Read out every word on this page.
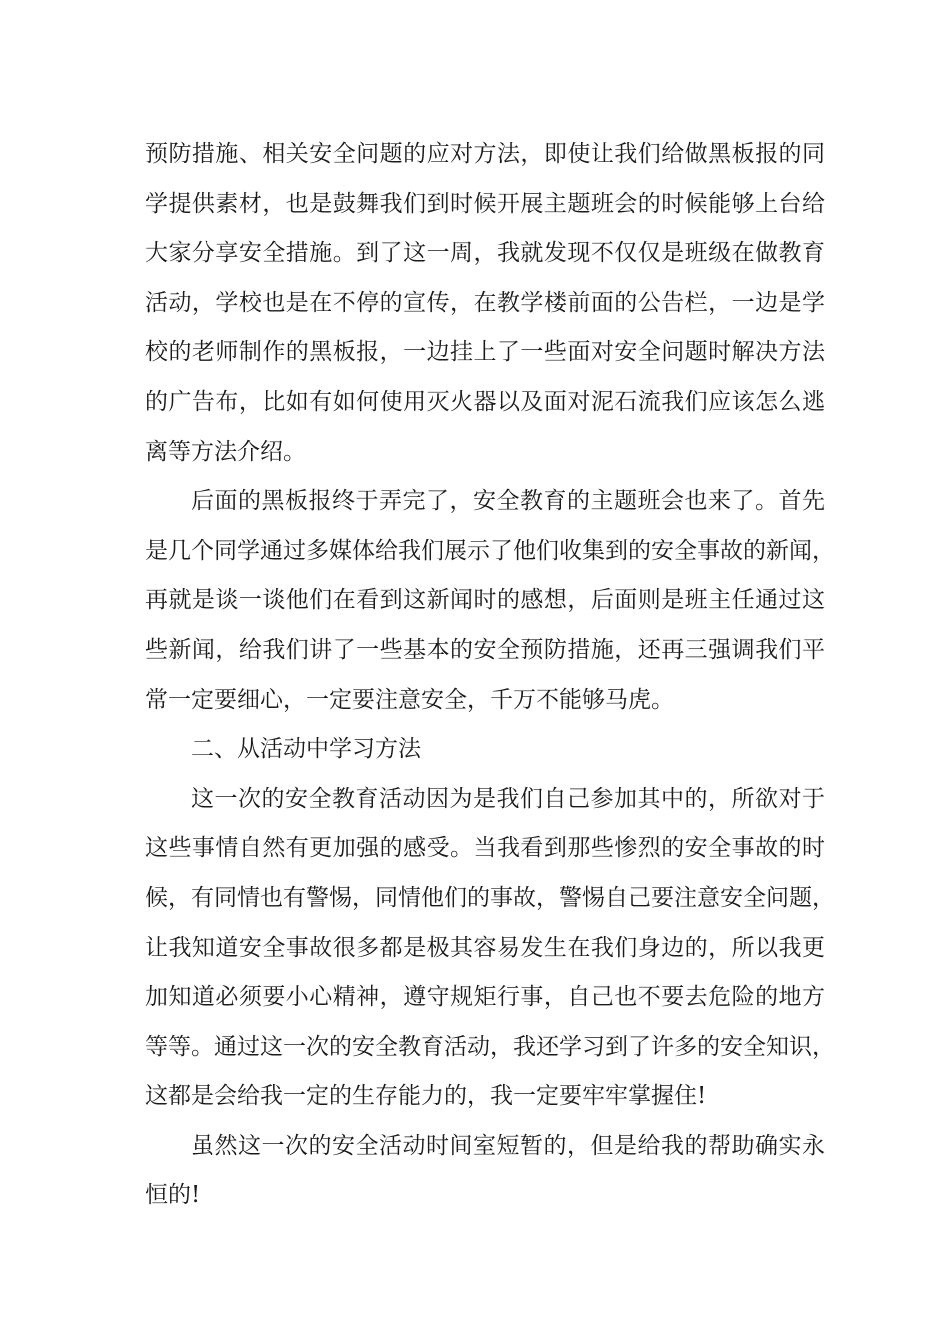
预防措施、相关安全问题的应对方法，即使让我们给做黑板报的同
学提供素材，也是鼓舞我们到时候开展主题班会的时候能够上台给
大家分享安全措施。到了这一周，我就发现不仅仅是班级在做教育
活动，学校也是在不停的宣传，在教学楼前面的公告栏，一边是学
校的老师制作的黑板报，一边挂上了一些面对安全问题时解决方法
的广告布，比如有如何使用灭火器以及面对泥石流我们应该怎么逃
离等方法介绍。
后面的黑板报终于弄完了，安全教育的主题班会也来了。首先
是几个同学通过多媒体给我们展示了他们收集到的安全事故的新闻，
再就是谈一谈他们在看到这新闻时的感想，后面则是班主任通过这
些新闻，给我们讲了一些基本的安全预防措施，还再三强调我们平
常一定要细心，一定要注意安全，千万不能够马虎。
二、从活动中学习方法
这一次的安全教育活动因为是我们自己参加其中的，所欲对于
这些事情自然有更加强的感受。当我看到那些惨烈的安全事故的时
候，有同情也有警惕，同情他们的事故，警惕自己要注意安全问题，
让我知道安全事故很多都是极其容易发生在我们身边的，所以我更
加知道必须要小心精神，遵守规矩行事，自己也不要去危险的地方
等等。通过这一次的安全教育活动，我还学习到了许多的安全知识，
这都是会给我一定的生存能力的，我一定要牢牢掌握住!
虽然这一次的安全活动时间室短暂的，但是给我的帮助确实永
恒的!
